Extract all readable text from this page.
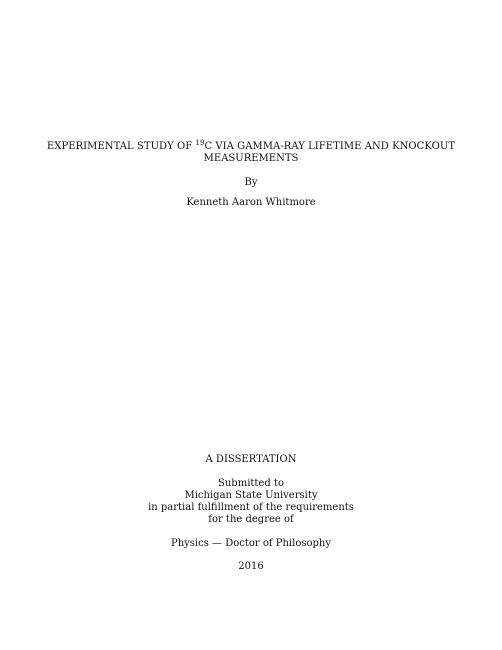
EXPERIMENTAL STUDY OF $^{19}$C VIA GAMMA-RAY LIFETIME AND KNOCKOUT
MEASUREMENTS
By
Kenneth Aaron Whitmore
A DISSERTATION
Submitted to
Michigan State University
in partial fulfillment of the requirements
for the degree of
Physics — Doctor of Philosophy
2016
